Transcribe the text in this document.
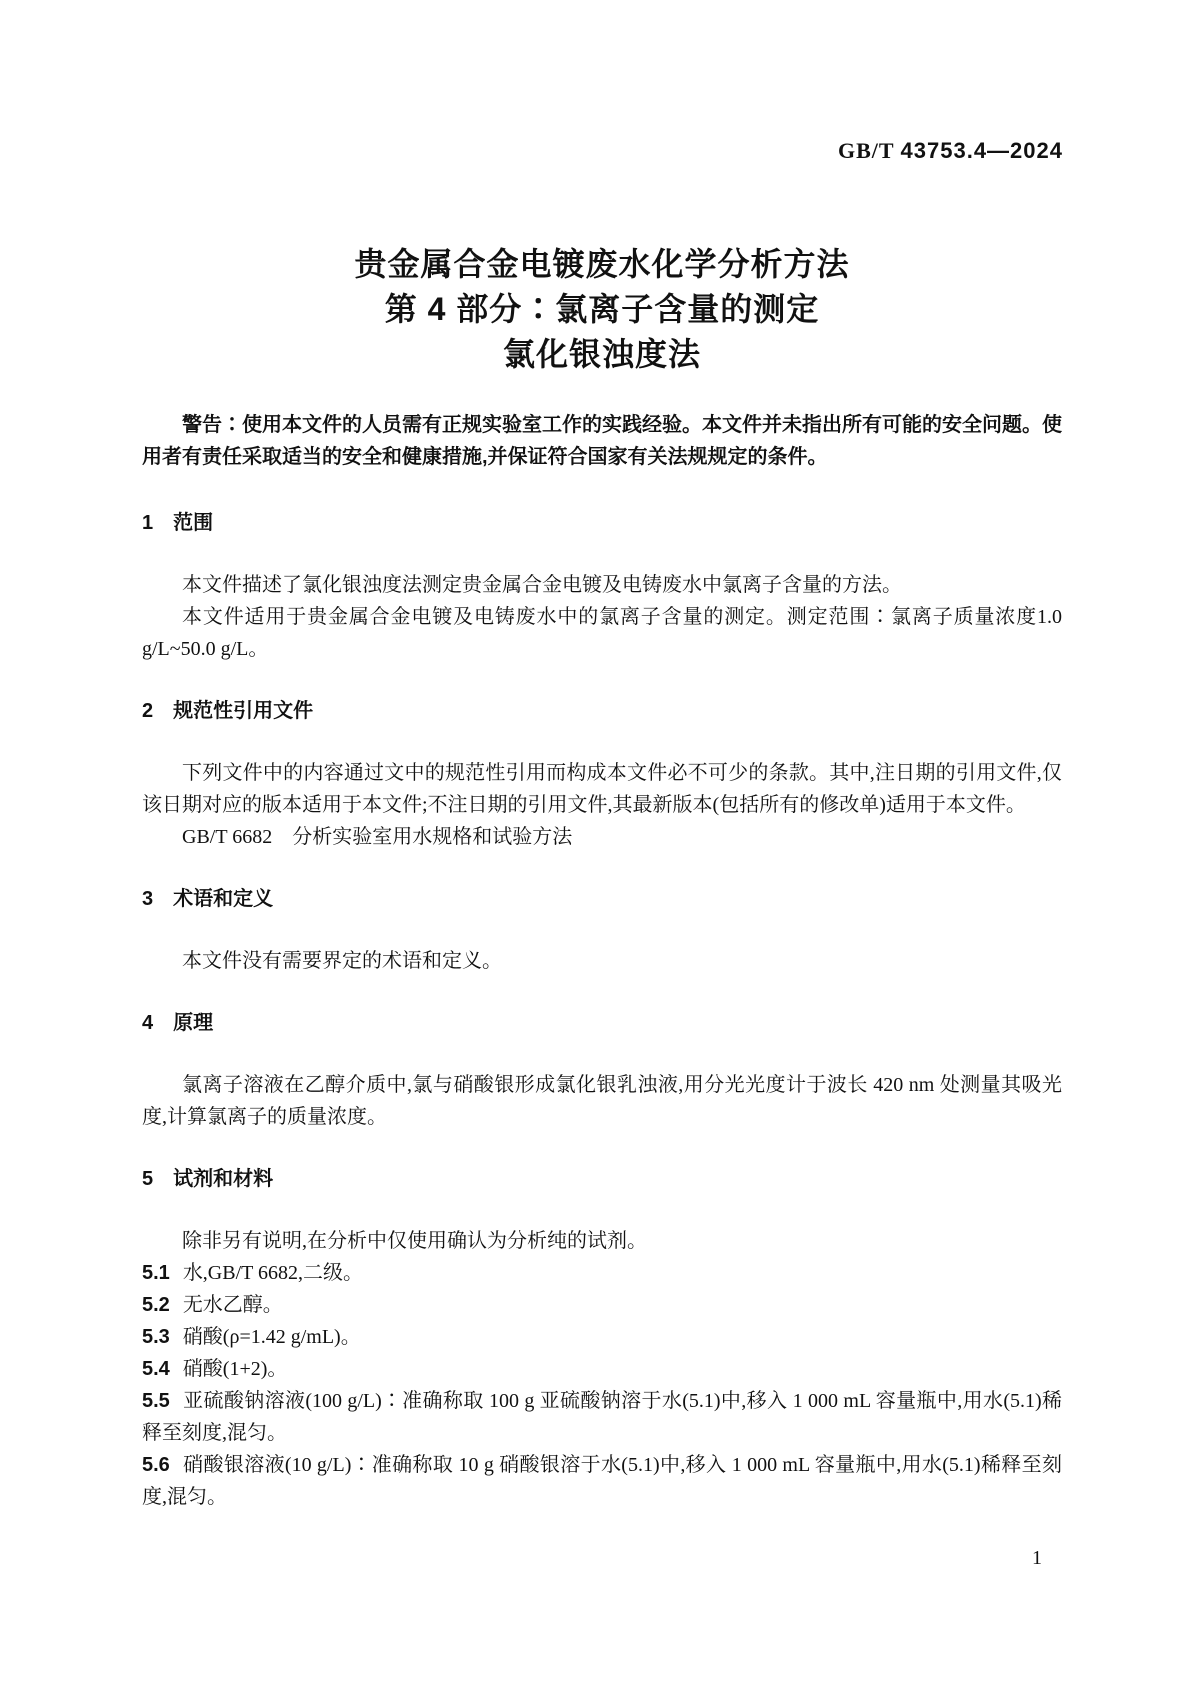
GB/T 43753.4—2024
贵金属合金电镀废水化学分析方法
第 4 部分∶氯离子含量的测定
氯化银浊度法

警告∶使用本文件的人员需有正规实验室工作的实践经验。本文件并未指出所有可能的安全问题。使用者有责任采取适当的安全和健康措施,并保证符合国家有关法规规定的条件。

1 范围

本文件描述了氯化银浊度法测定贵金属合金电镀及电铸废水中氯离子含量的方法。

本文件适用于贵金属合金电镀及电铸废水中的氯离子含量的测定。测定范围∶氯离子质量浓度1.0 g/L~50.0 g/L。

2 规范性引用文件

下列文件中的内容通过文中的规范性引用而构成本文件必不可少的条款。其中,注日期的引用文件,仅该日期对应的版本适用于本文件;不注日期的引用文件,其最新版本(包括所有的修改单)适用于本文件。

GB/T 6682　分析实验室用水规格和试验方法

3 术语和定义

本文件没有需要界定的术语和定义。

4 原理

氯离子溶液在乙醇介质中,氯与硝酸银形成氯化银乳浊液,用分光光度计于波长 420 nm 处测量其吸光度,计算氯离子的质量浓度。

5 试剂和材料

除非另有说明,在分析中仅使用确认为分析纯的试剂。

5.1 水,GB/T 6682,二级。

5.2 无水乙醇。

5.3 硝酸(ρ=1.42 g/mL)。

5.4 硝酸(1+2)。

5.5 亚硫酸钠溶液(100 g/L)∶准确称取 100 g 亚硫酸钠溶于水(5.1)中,移入 1 000 mL 容量瓶中,用水(5.1)稀释至刻度,混匀。

5.6 硝酸银溶液(10 g/L)∶准确称取 10 g 硝酸银溶于水(5.1)中,移入 1 000 mL 容量瓶中,用水(5.1)稀释至刻度,混匀。

1
